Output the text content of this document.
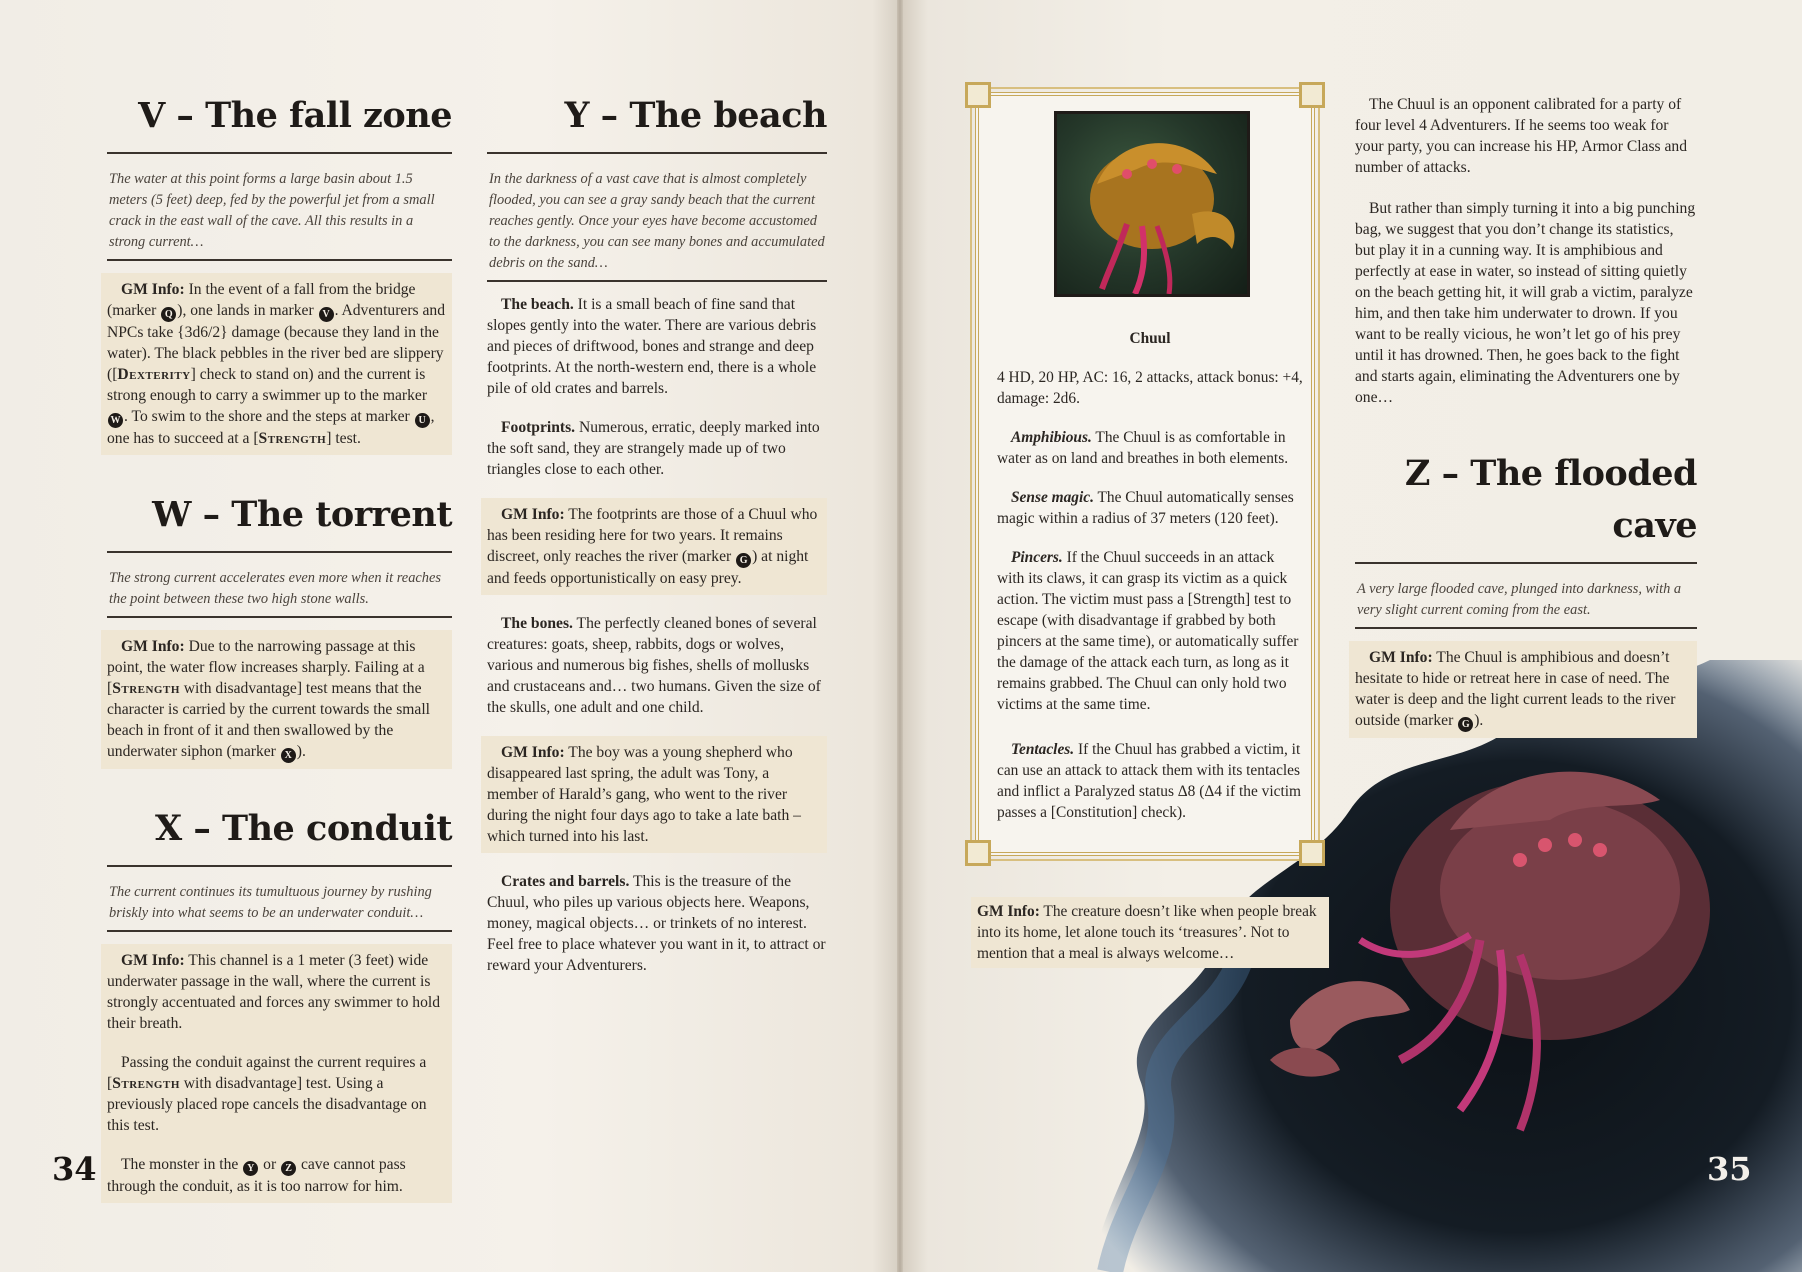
V – The fall zone
The water at this point forms a large basin about 1.5 meters (5 feet) deep, fed by the powerful jet from a small crack in the east wall of the cave. All this results in a strong current…
GM Info: In the event of a fall from the bridge (marker Q ), one lands in marker V . Adventurers and NPCs take {3d6/2} damage (because they land in the water). The black pebbles in the river bed are slippery ([Dexterity] check to stand on) and the current is strong enough to carry a swimmer up to the marker W . To swim to the shore and the steps at marker U , one has to succeed at a [Strength] test.
W – The torrent
The strong current accelerates even more when it reaches the point between these two high stone walls.
GM Info: Due to the narrowing passage at this point, the water flow increases sharply. Failing at a [Strength with disadvantage] test means that the character is carried by the current towards the small beach in front of it and then swallowed by the underwater siphon (marker X ).
X – The conduit
The current continues its tumultuous journey by rushing briskly into what seems to be an underwater conduit…

GM Info: This channel is a 1 meter (3 feet) wide underwater passage in the wall, where the current is strongly accentuated and forces any swimmer to hold their breath.

Passing the conduit against the current requires a [Strength with disadvantage] test. Using a previously placed rope cancels the disadvantage on this test.

The monster in the Y or Z cave cannot pass through the conduit, as it is too narrow for him.

Y – The beach
In the darkness of a vast cave that is almost completely flooded, you can see a gray sandy beach that the current reaches gently. Once your eyes have become accustomed to the darkness, you can see many bones and accumulated debris on the sand…

The beach. It is a small beach of fine sand that slopes gently into the water. There are various debris and pieces of driftwood, bones and strange and deep footprints. At the north-western end, there is a whole pile of old crates and barrels.

Footprints. Numerous, erratic, deeply marked into the soft sand, they are strangely made up of two triangles close to each other.

GM Info: The footprints are those of a Chuul who has been residing here for two years. It remains discreet, only reaches the river (marker G ) at night and feeds opportunistically on easy prey.

The bones. The perfectly cleaned bones of several creatures: goats, sheep, rabbits, dogs or wolves, various and numerous big fishes, shells of mollusks and crustaceans and… two humans. Given the size of the skulls, one adult and one child.

GM Info: The boy was a young shepherd who disappeared last spring, the adult was Tony, a member of Harald’s gang, who went to the river during the night four days ago to take a late bath – which turned into his last.

Crates and barrels. This is the treasure of the Chuul, who piles up various objects here. Weapons, money, magical objects… or trinkets of no interest. Feel free to place whatever you want in it, to attract or reward your Adventurers.

34

Chuul

4 HD, 20 HP, AC: 16, 2 attacks, attack bonus: +4, damage: 2d6.

Amphibious. The Chuul is as comfortable in water as on land and breathes in both elements.

Sense magic. The Chuul automatically senses magic within a radius of 37 meters (120 feet).

Pincers. If the Chuul succeeds in an attack with its claws, it can grasp its victim as a quick action. The victim must pass a [Strength] test to escape (with disadvantage if grabbed by both pincers at the same time), or automatically suffer the damage of the attack each turn, as long as it remains grabbed. The Chuul can only hold two victims at the same time.

Tentacles. If the Chuul has grabbed a victim, it can use an attack to attack them with its tentacles and inflict a Paralyzed status Δ8 (Δ4 if the victim passes a [Constitution] check).

GM Info: The creature doesn’t like when people break into its home, let alone touch its ‘treasures’. Not to mention that a meal is always welcome…

The Chuul is an opponent calibrated for a party of four level 4 Adventurers. If he seems too weak for your party, you can increase his HP, Armor Class and number of attacks.

But rather than simply turning it into a big punching bag, we suggest that you don’t change its statistics, but play it in a cunning way. It is amphibious and perfectly at ease in water, so instead of sitting quietly on the beach getting hit, it will grab a victim, paralyze him, and then take him underwater to drown. If you want to be really vicious, he won’t let go of his prey until it has drowned. Then, he goes back to the fight and starts again, eliminating the Adventurers one by one…

Z – The flooded cave
A very large flooded cave, plunged into darkness, with a very slight current coming from the east.
GM Info: The Chuul is amphibious and doesn’t hesitate to hide or retreat here in case of need. The water is deep and the light current leads to the river outside (marker G ).
35
